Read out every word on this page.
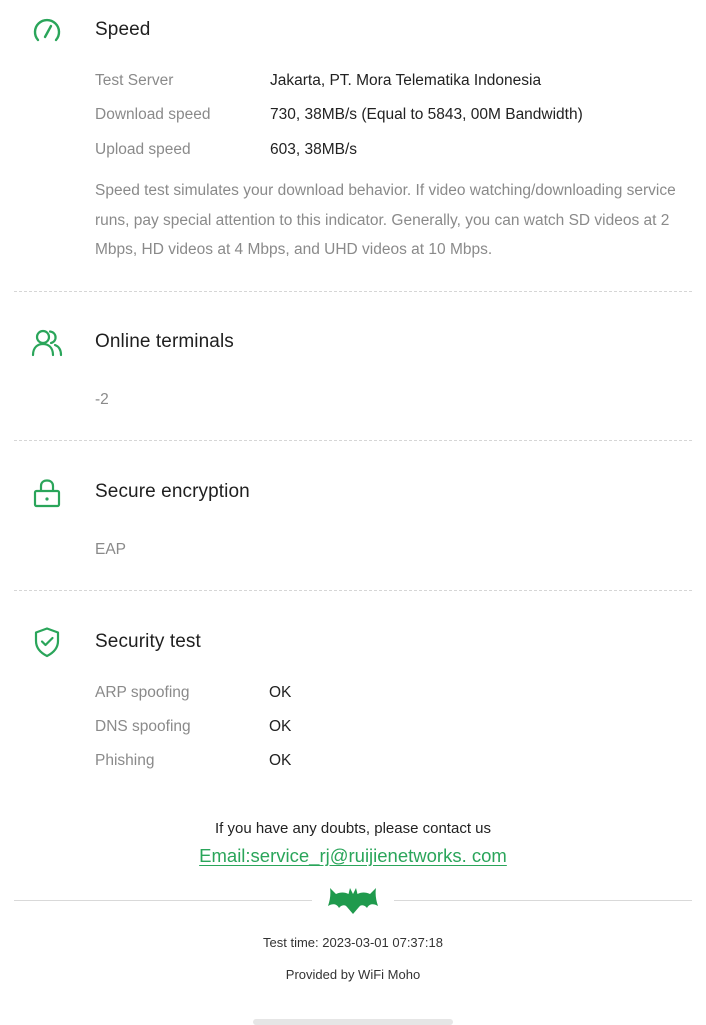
Speed
Test Server	Jakarta, PT. Mora Telematika Indonesia
Download speed	730, 38MB/s (Equal to 5843, 00M Bandwidth)
Upload speed	603, 38MB/s
Speed test simulates your download behavior. If video watching/downloading service runs, pay special attention to this indicator. Generally, you can watch SD videos at 2 Mbps, HD videos at 4 Mbps, and UHD videos at 10 Mbps.
Online terminals
-2
Secure encryption
EAP
Security test
ARP spoofing	OK
DNS spoofing	OK
Phishing	OK
If you have any doubts, please contact us
Email:service_rj@ruijienetworks. com
Test time: 2023-03-01 07:37:18
Provided by WiFi Moho
